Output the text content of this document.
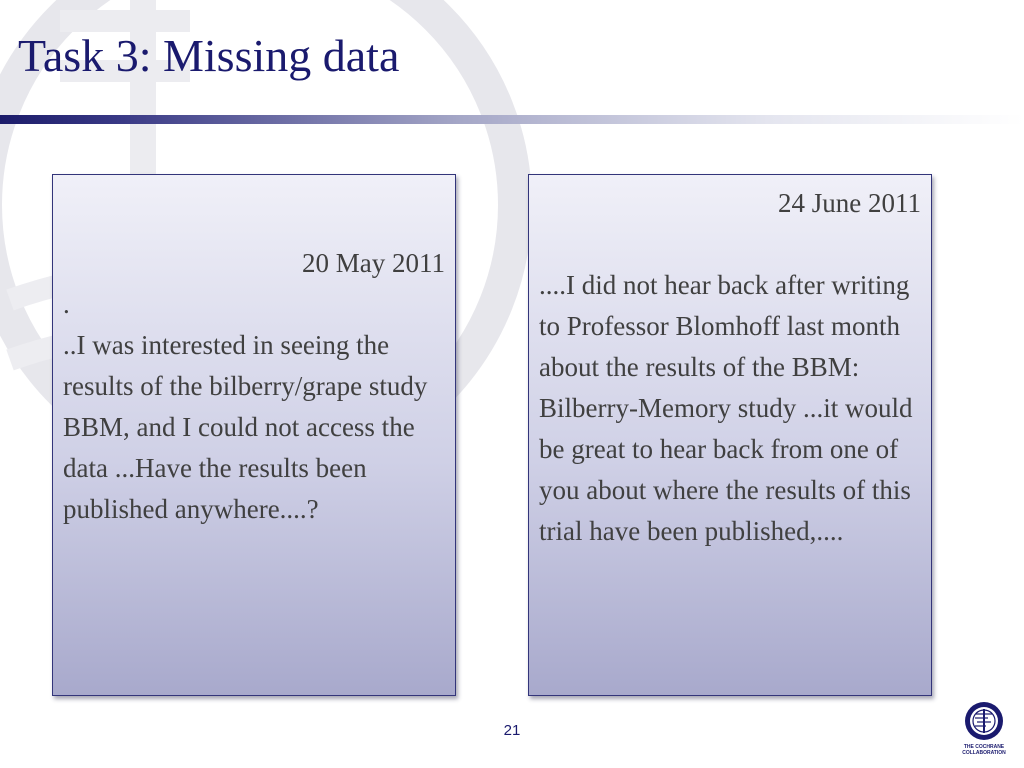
Task 3: Missing data
20 May 2011
.
..I was interested in seeing the results of the bilberry/grape study BBM, and I could not access the data ...Have the results been published anywhere....?
24 June 2011
....I did not hear back after writing to Professor Blomhoff last month about the results of the BBM: Bilberry-Memory study ...it would be great to hear back from one of you about where the results of this trial have been published,....
21
THE COCHRANE
COLLABORATION
